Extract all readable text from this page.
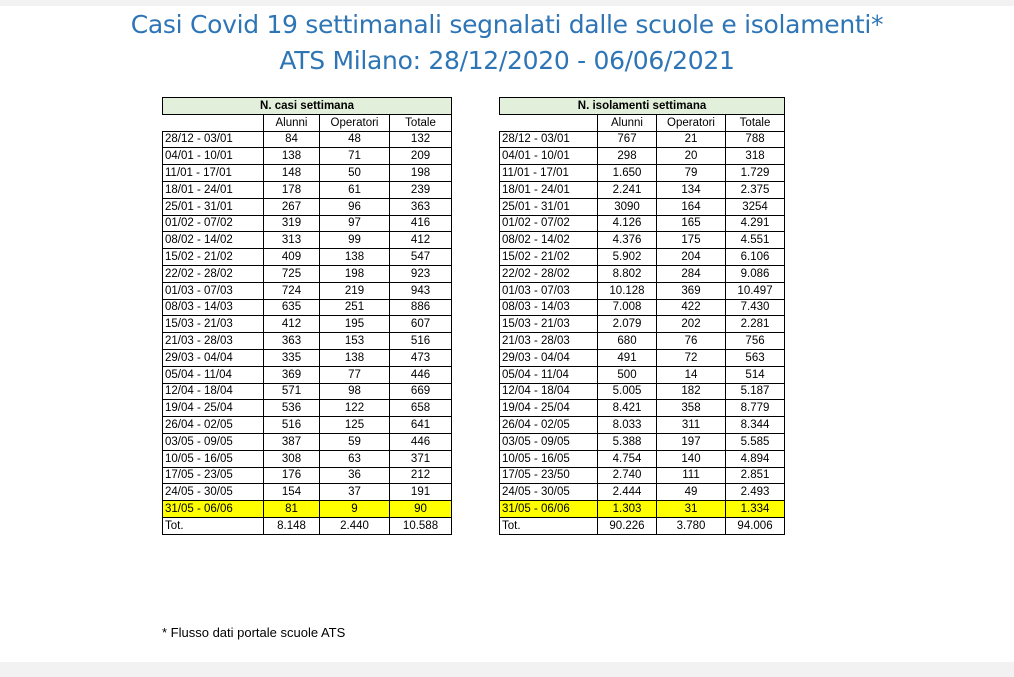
Casi Covid 19 settimanali segnalati dalle scuole e isolamenti*
ATS Milano: 28/12/2020 - 06/06/2021
N. casi settimana			
	Alunni	Operatori	Totale
28/12 - 03/01	84	48	132
04/01 - 10/01	138	71	209
11/01 - 17/01	148	50	198
18/01 - 24/01	178	61	239
25/01 - 31/01	267	96	363
01/02 - 07/02	319	97	416
08/02 - 14/02	313	99	412
15/02 - 21/02	409	138	547
22/02 - 28/02	725	198	923
01/03 - 07/03	724	219	943
08/03 - 14/03	635	251	886
15/03 - 21/03	412	195	607
21/03 - 28/03	363	153	516
29/03 - 04/04	335	138	473
05/04 - 11/04	369	77	446
12/04 - 18/04	571	98	669
19/04 - 25/04	536	122	658
26/04 - 02/05	516	125	641
03/05 - 09/05	387	59	446
10/05 - 16/05	308	63	371
17/05 - 23/05	176	36	212
24/05 - 30/05	154	37	191
31/05 - 06/06	81	9	90
Tot.	8.148	2.440	10.588
N. isolamenti settimana			
	Alunni	Operatori	Totale
28/12 - 03/01	767	21	788
04/01 - 10/01	298	20	318
11/01 - 17/01	1.650	79	1.729
18/01 - 24/01	2.241	134	2.375
25/01 - 31/01	3090	164	3254
01/02 - 07/02	4.126	165	4.291
08/02 - 14/02	4.376	175	4.551
15/02 - 21/02	5.902	204	6.106
22/02 - 28/02	8.802	284	9.086
01/03 - 07/03	10.128	369	10.497
08/03 - 14/03	7.008	422	7.430
15/03 - 21/03	2.079	202	2.281
21/03 - 28/03	680	76	756
29/03 - 04/04	491	72	563
05/04 - 11/04	500	14	514
12/04 - 18/04	5.005	182	5.187
19/04 - 25/04	8.421	358	8.779
26/04 - 02/05	8.033	311	8.344
03/05 - 09/05	5.388	197	5.585
10/05 - 16/05	4.754	140	4.894
17/05 - 23/50	2.740	111	2.851
24/05 - 30/05	2.444	49	2.493
31/05 - 06/06	1.303	31	1.334
Tot.	90.226	3.780	94.006
* Flusso dati portale scuole ATS
